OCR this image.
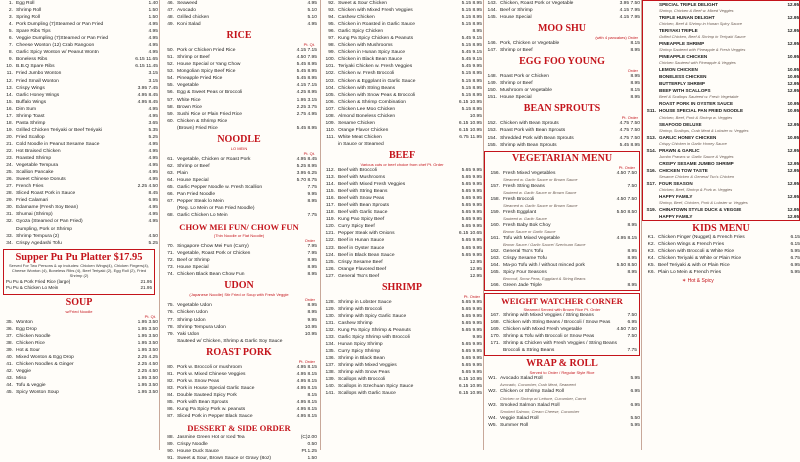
1. Egg Roll	1.40
2. Shrimp Roll	1.50
3. Spring Roll	1.50
4. Pork Dumpling (7)Steamed or Pan Fried	4.95
5. Spare Ribs Tips	4.95
6. Veggie Dumpling (7)Steamed or Pan Fried	4.95
7. Cheese Wonton (12) Crab Rangoon	4.95
8. Garlic Spicy Wonton w/ Peanut Wontn	4.95
9. Boneless Ribs	6.15 11.65
10. B.B.Q Spare Ribs	6.15 11.45
11. Fried Jumbo Wonton	3.15
12. Fried Small Wonton	3.15
13. Crispy Wings	3.95 7.45
14. Garlic Honey Wings	4.95 8.45
15. Buffalo Wings	4.95 8.45
16. Dim Sum	4.95
17. Shrimp Toast	4.95
18. Pasta Shrimp	3.65
19. Grilled Chicken Teriyaki or Beef Teriyaki	5.35
20. Fried Scallop	5.25
21. Cold Noodle in Peanut Sesame Sauce	4.95
22. Hot Braised Chicken	4.95
23. Roasted Shrimp	4.95
24. Vegetable Tempura	4.95
25. Scallion Pancake	4.95
26. Sweet Chinese Donuts	4.95
27. French Fries	2.25 4.50
28. Sliced Roast Pork in Sauce	8.45
29. Fried Calamari	6.95
30. Edamame (Fresh Soy Bean)	4.95
31. Shumai (Shrimp)	4.95
32. Gyoza (Steamed or Pan Fried)	4.95
Dumpling, Pork or Shrimp
33. Shrimp Tempura (2)	4.50
34. Crispy Agedashi Tofu	5.25
Supper Pu Pu Platter $17.95
Served For Two Persons & up includes: Chicken Wings(4), Chicken Fingers(4), Cheese Wonton (4), Boneless Ribs (4), Beef Teriyaki (2), Egg Roll (2), Fried Shrimp (2)
Pu Pu & Pork Fried Rice (large)	21.95
Pu Pu & Chicken Lo Mein	21.95
SOUP
w/Fried Noodle
Pt. Qt.
35. Wonton	1.95 3.50
36. Egg Drop	1.95 3.50
37. Chicken Noodle	1.95 3.50
38. Chicken Rice	1.95 3.50
39. Hot & Sour	1.95 3.50
40. Mixed Wonton & Egg Drop	2.25 4.25
41. Chicken Noodles & Ginger	2.25 4.50
42. Veggie	2.25 4.50
43. Miso	1.95 3.50
44. Tofu & veggie	1.95 3.50
45. Spicy Wonton Soup	1.95 3.50
46. Seaweed	4.95
47. Avocado	5.10
48. Grilled chicken	5.10
49. Koni Salad	4.95
RICE
Pt. Qt.
50. Pork or Chicken Fried Rice	4.15 7.15
51. Shrimp or Beef	4.50 7.95
52. House Special or Yang Chow	5.45 8.95
53. Mongolian Spicy Beef Rice	5.45 8.95
54. Pineapple Fried Rice	5.45 8.95
55. Vegetable	4.15 7.15
56. Egg & Sweet Peas or Broccoli	4.25 8.95
57. White Rice	1.95 3.15
58. Brown Rice	2.25 3.75
59. Sushi Rice or Plain Fried Rice	2.75 4.95
60. Chicken & Shrimp Rice
(Brown) Fried Rice	5.45 8.95
NOODLE
LO MEIN
Pt. Qt.
61. Vegetable, Chicken or Roast Pork	4.95 8.45
62. Shrimp or Beef	5.25 8.95
63. Plain	3.95 6.25
64. House Special	5.70 8.75
65. Garlic Pepper Noodle w. Fresh Scallion	7.75
66. Pan Fried Noodle	9.95
67. Pepper Steak lo Mein	8.95
(Reg. Lo Mein or Pan Fried Noodle)
68. Garlic Chicken Lo Mein	7.75
CHOW MEI FUN/ CHOW FUN
(Thin Noodle or Flat Noodle)
Order
70. Singapore Chow Mei Fun (Curry)	7.95
71. Vegetable, Roast Pork or Chicken	7.95
72. Beef or Shrimp	8.95
73. House Special	8.95
74. Chicken Black Bean Chow Fun	8.95
UDON
(Japanese Noodle) Stir Fried or Soup with Fresh Veggie
Order
75. Vegetable Udon	8.95
76. Chicken Udon	8.95
77. Shrimp Udon	9.95
78. Shrimp Tempura Udon	10.95
79. Yaki Udon	10.95
Sauteed w/ Chicken, Shrimp & Garlic Soy Sauce
ROAST PORK
Pt. Order
80. Pork w. Broccoli or mushroom	4.95 8.15
81. Pork w. Mixed Chinese Veggies	4.95 8.15
82. Pork w. Snow Peas	4.95 8.15
83. Pork in House Special Garlic Sauce	4.95 8.15
84. Double Sauteed Spicy Pork	8.15
85. Pork with Bean Sprouts	4.95 8.15
86. Kung Pa Spicy Pork w. peanuts	4.95 8.15
87. Sliced Pork in Pepper Black Sauce	4.95 8.15
DESSERT & SIDE ORDER
88. Jasmine Green Hot or Iced Tea	(C)2.00
89. Crispy Noodle	0.50
90. House Duck Sauce	Pt.1.25
91. Sweet & Sour, Brown Sauce or Gravy (8oz)	1.50
92. Sweet & Sour Chicken	5.15 8.95
93. Chicken with Mixed Fresh Veggies	5.15 8.95
94. Cashew Chicken	5.15 8.95
95. Chicken in Roasted in Garlic Sauce	5.15 8.95
96. Garlic Spicy Chicken	8.95
97. Kung Pa Spicy Chicken & Peanuts	5.45 9.15
98. Chicken with Mushrooms	5.15 8.95
99. Chicken in Hunan Spicy Sauce	5.45 9.15
100. Chicken in Black Bean Sauce	5.45 9.15
101. Teriyaki Chicken w. Fresh Veggies	5.45 9.95
102. Chicken w. Fresh Broccoli	5.15 8.95
103. Chicken & Eggplant in Garlic Sauce	5.15 8.95
104. Chicken with String Beans	5.15 8.95
105. Chicken with Snow Peas & Broccoli	5.15 8.95
106. Chicken & Shrimp Combination	6.15 10.95
107. Chicken Lee Moo Chicken	5.15 8.95
108. Almond Boneless Chicken	10.95
109. Sesame Chicken	6.15 10.95
110. Orange Flavor Chicken	6.15 10.95
111. White Meat Chicken	6.75 11.95
in Sauce or Steamed
BEEF
Various cuts or beef choice from chef Pt. Order
112. Beef with Broccoli	5.65 9.95
113. Beef with Mushrooms	5.65 9.95
114. Beef with Mixed Fresh Veggies	5.65 9.95
115. Beef with String Beans	5.65 9.95
116. Beef with Snow Peas	5.65 9.95
117. Beef with Bean Sprouts	5.65 9.95
118. Beef with Garlic Sauce	5.65 9.95
119. Kung Pao Spicy Beef	5.65 9.95
120. Curry Spicy Beef	5.65 9.95
121. Pepper Steak with Onions	6.15 10.65
122. Beef in Hunan Sauce	5.65 9.95
123. Beef in Oyster Sauce	5.65 9.95
124. Beef in Black Bean Sauce	5.65 9.95
125. Crispy Sesame Beef	12.95
126. Orange Flavored Beef	12.95
127. General Tso's Beef	12.95
SHRIMP
Pt. Order
128. Shrimp in Lobster Sauce	5.65 9.95
129. Shrimp with Broccoli	5.65 9.95
130. Shrimp with Spicy Garlic Sauce	5.65 9.95
131. Cashew Shrimp	5.65 9.95
132. Kung Pa Spicy Shrimp & Peanuts	5.65 9.95
133. Garlic Spicy Shrimp with Broccoli	9.95
134. Hunan Spicy Shrimp	5.65 9.95
135. Curry Spicy Shrimp	5.65 9.95
136. Shrimp in Black Bean	5.65 9.95
137. Shrimp with Mixed Veggies	5.65 9.95
138. Shrimp with Snow Peas	5.65 9.95
139. Scallops with Broccoli	6.15 10.95
140. Scallops in Szechuan Spicy Sauce	6.15 10.95
141. Scallops with Garlic Sauce	6.15 10.95
143. Chicken, Roast Pork or Vegetable	3.95 7.50
144. Beef or Shrimp	4.15 7.95
145. House Special	4.15 7.95
MOO SHU
(with 4 pancakes) Order
146. Pork, Chicken or Vegetable	8.15
147. Shrimp or Beef	8.95
EGG FOO YOUNG
Order
148. Roast Pork or Chicken	8.95
149. Shrimp or Beef	8.95
150. Mushroom or Vegetable	8.15
151. House Special	8.95
BEAN SPROUTS
Pt. Order
152. Chicken with Bean Sprouts	4.75 7.50
153. Roast Pork with Bean Sprouts	4.75 7.50
154. Shredded Pork with Bean Sprouts	4.75 7.50
155. Shrimp with Bean Sprouts	5.45 8.95
VEGETARIAN MENU
Pt. Order
156. Fresh Mixed Vegetables	4.50 7.50
Steamed w. Garlic Sauce or Brown Sauce
157. Fresh String Beans	7.50
Sauteed w. Garlic Sauce or Brown Sauce
158. Fresh Broccoli	4.50 7.50
Steamed w. Garlic Sauce or Brown Sauce
159. Fresh Eggplant	5.50 8.50
Sauteed w. Garlic Sauce
160. Fresh Baby Bok Choy	8.95
Brown Sauce or Garlic Sauce
161. Tofu with Mixed Vegetable	4.95 8.15
Brown Sauce / Garlic Sauce/ Szechuan Sauce
162. General Tso's Tofu	8.95
163. Crispy Sesame Tofu	8.95
164. Ma-po Tofu with / without minced pork	5.50 8.50
165. Spicy Four Seasons	8.95
Broccoli, Snow Peas, Eggplant & String Beans
166. Green Jade Triple	8.95
WEIGHT WATCHER CORNER
Steamed Served with Brown Rice Pt. Order
167. Shrimp with Mixed Veggies / String Beans	7.50
168. Chicken with String Beans / Broccoli / Snow Peas	6.95
169. Chicken with Mixed Fresh Vegetable	4.50 7.50
170. Shrimp & Tofu with Broccoli or Snow Peas	7.50
171. Shrimp & Chicken with Fresh Veggies / String Beans
Broccoli & String Beans	7.75
WRAP & ROLL
Served to Order / Regular Style Rice
W1. Avocado Salad Roll	5.95
Avocado, Cucumber, Crab Meat, Seaweed
W2. Chicken or Shrimp Salad Roll	6.95
Chicken or Shrimp w/ Lettuce, Cucumber, Carrot
W3. Smoked Salmon Salad Roll	6.95
Smoked Salmon, Cream Cheese, Cucumber
W4. Veggie Salad Roll	5.50
W5. Summer Roll	5.95
SPECIAL TRIPLE DELIGHT	12.95
Shrimp, Chicken & Beef w. Mixed Veggies
TRIPLE HUNAN DELIGHT	12.95
Chicken, Beef & Shrimp in Hunan Spicy Sauce
TERIYAKI TRIPLE	12.95
Grilled Chicken, Beef & Shrimp in Teriyaki Sauce
PINEAPPLE SHRIMP	12.95
Shrimp Sauteed with Pineapple & Fresh Veggies
PINEAPPLE CHICKEN	10.95
Chicken Sauteed with Pineapple & Veggies
LEMON CHICKEN	10.95
BONELESS CHICKEN	10.95
BUTTERFLY SHRIMP	12.95
BEEF WITH SCALLOPS	12.95
Beef & Scallops Sauteed w. Fresh Vegetable
ROAST PORK IN OYSTER SAUCE	10.95
S11. HOUSE SPECIAL PAN FRIED NOODLE	10.95
Chicken, Beef, Pork & Shrimp w. Veggies
SEAFOOD DELUXE	12.95
Shrimp, Scallops, Crab Meat & Lobster w. Veggies
S13. GARLIC HONEY CHICKEN	10.95
Crispy Chicken in Garlic Honey Sauce
S14. PRAWN & GARLIC	12.95
Jumbo Prawns w. Garlic Sauce & Veggies
CRISPY SESAME JUMBO SHRIMP	12.95
S16. CHICKEN TOW TASTE	12.95
Sesame Chicken & General Tso's Chicken
S17. FOUR SEASON	12.95
Chicken, Beef, Shrimp & Pork w. Veggies
HAPPY FAMILY	12.95
Shrimp, Beef, Chicken, Pork & Lobster w. Veggies
S19. CHINATOWN STYLE DUCK & VEGGIE	12.95
HAPPY FAMILY	12.95
KIDS MENU
K1. Chicken Finger (Nugget) & French Fries	6.15
K2. Chicken Wings & French Fries	6.15
K3. Chicken with Broccoli & White Rice	5.95
K4. Chicken Teriyaki & White or Plain Rice	6.75
K5. Beef Teriyaki & with or Plain Rice	6.95
K6. Plain Lo Mein & French Fries	5.95
✶ Hot & Spicy
